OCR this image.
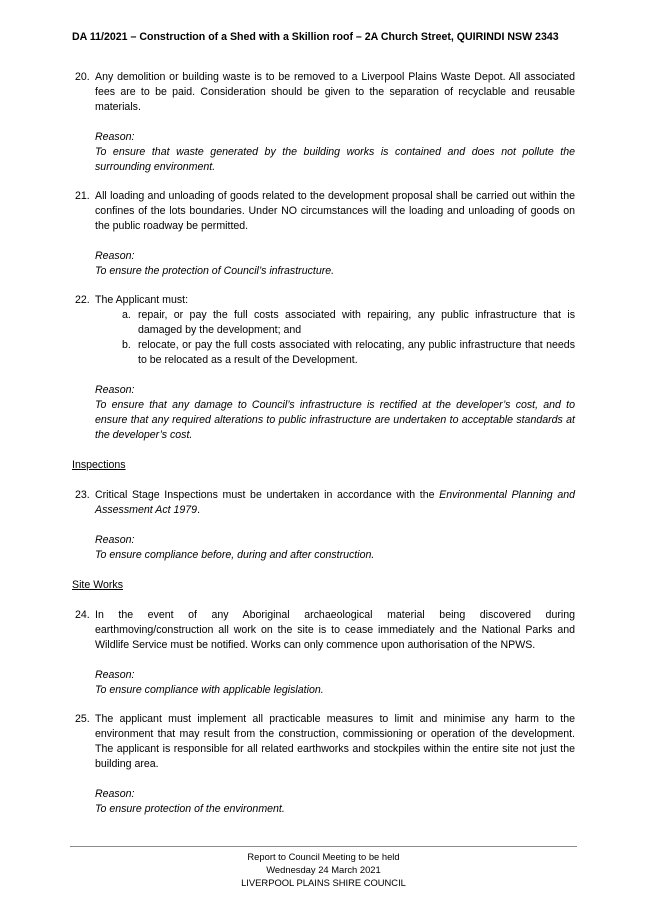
DA 11/2021 – Construction of a Shed with a Skillion roof – 2A Church Street, QUIRINDI NSW 2343
20. Any demolition or building waste is to be removed to a Liverpool Plains Waste Depot. All associated fees are to be paid. Consideration should be given to the separation of recyclable and reusable materials.
Reason:
To ensure that waste generated by the building works is contained and does not pollute the surrounding environment.
21. All loading and unloading of goods related to the development proposal shall be carried out within the confines of the lots boundaries. Under NO circumstances will the loading and unloading of goods on the public roadway be permitted.
Reason:
To ensure the protection of Council’s infrastructure.
22. The Applicant must:
a. repair, or pay the full costs associated with repairing, any public infrastructure that is damaged by the development; and
b. relocate, or pay the full costs associated with relocating, any public infrastructure that needs to be relocated as a result of the Development.
Reason:
To ensure that any damage to Council’s infrastructure is rectified at the developer’s cost, and to ensure that any required alterations to public infrastructure are undertaken to acceptable standards at the developer’s cost.
Inspections
23. Critical Stage Inspections must be undertaken in accordance with the Environmental Planning and Assessment Act 1979.
Reason:
To ensure compliance before, during and after construction.
Site Works
24. In the event of any Aboriginal archaeological material being discovered during earthmoving/construction all work on the site is to cease immediately and the National Parks and Wildlife Service must be notified. Works can only commence upon authorisation of the NPWS.
Reason:
To ensure compliance with applicable legislation.
25. The applicant must implement all practicable measures to limit and minimise any harm to the environment that may result from the construction, commissioning or operation of the development. The applicant is responsible for all related earthworks and stockpiles within the entire site not just the building area.
Reason:
To ensure protection of the environment.
Report to Council Meeting to be held
Wednesday 24 March 2021
LIVERPOOL PLAINS SHIRE COUNCIL
